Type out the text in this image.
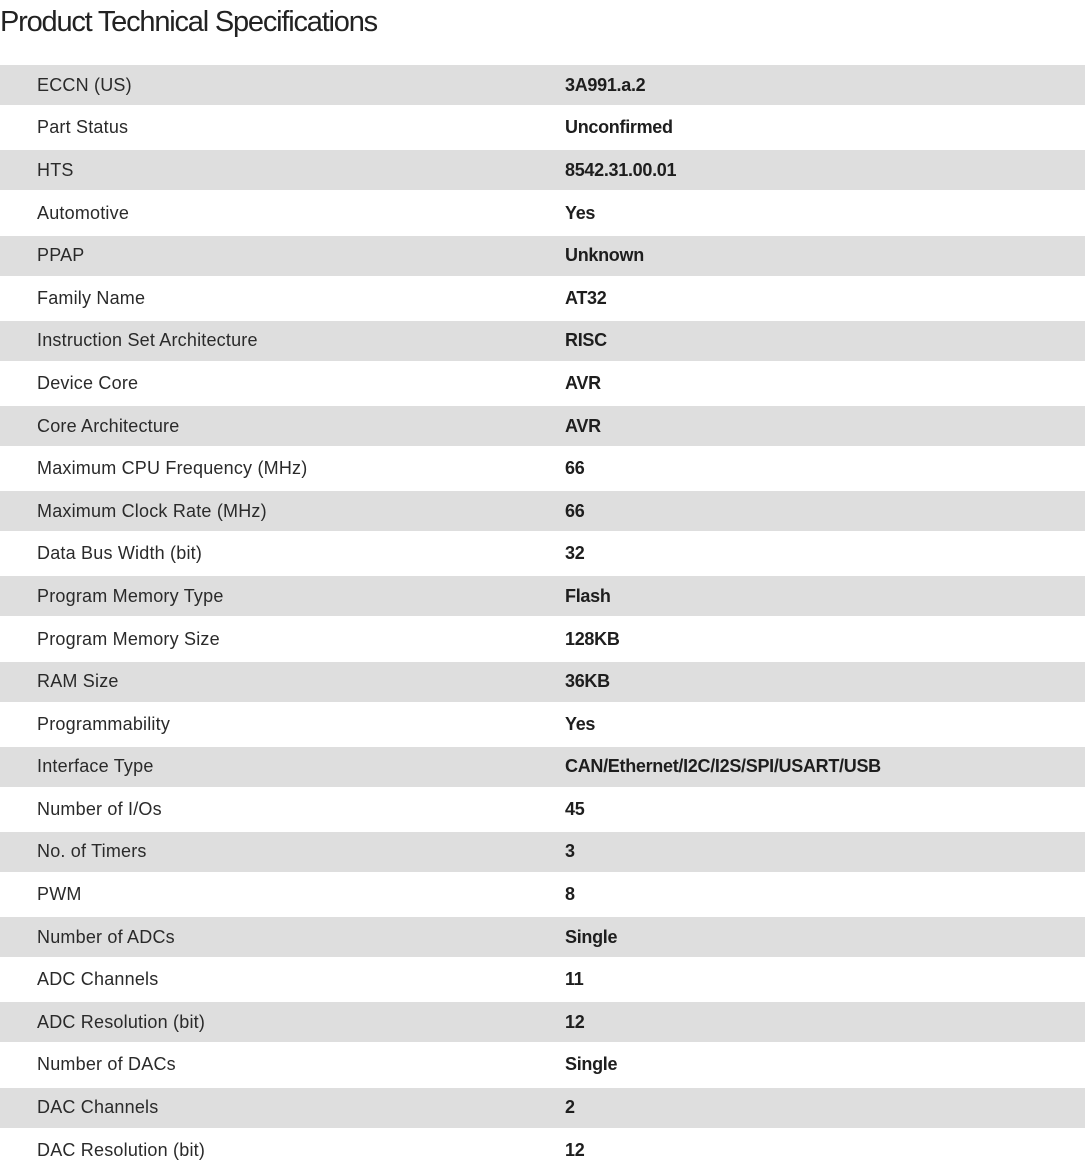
Product Technical Specifications
ECCN (US)	3A991.a.2
Part Status	Unconfirmed
HTS	8542.31.00.01
Automotive	Yes
PPAP	Unknown
Family Name	AT32
Instruction Set Architecture	RISC
Device Core	AVR
Core Architecture	AVR
Maximum CPU Frequency (MHz)	66
Maximum Clock Rate (MHz)	66
Data Bus Width (bit)	32
Program Memory Type	Flash
Program Memory Size	128KB
RAM Size	36KB
Programmability	Yes
Interface Type	CAN/Ethernet/I2C/I2S/SPI/USART/USB
Number of I/Os	45
No. of Timers	3
PWM	8
Number of ADCs	Single
ADC Channels	11
ADC Resolution (bit)	12
Number of DACs	Single
DAC Channels	2
DAC Resolution (bit)	12
